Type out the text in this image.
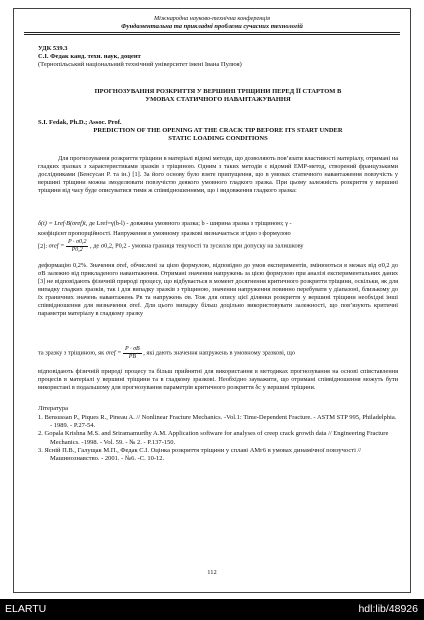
Міжнародна науково-технічна конференція
Фундаментальна та прикладні проблеми сучасних технологій
УДК 539.3
С.І. Федак канд. техн. наук, доцент
(Тернопільський національний технічний університет імені Івана Пулюя)
ПРОГНОЗУВАННЯ РОЗКРИТТЯ У ВЕРШИНІ ТРІЩИНИ ПЕРЕД ЇЇ СТАРТОМ В
УМОВАХ СТАТИЧНОГО НАВАНТАЖУВАННЯ
S.I. Fedak, Ph.D.; Assoc. Prof.
PREDICTION OF THE OPENING AT THE CRACK TIP BEFORE ITS START UNDER
STATIC LOADING CONDITIONS
Для прогнозування розкриття тріщини в матеріалі відомі методи, що дозволяють пов’язати властивості матеріалу, отримані на гладких зразках з характеристиками зразків з тріщиною. Одним з таких методів є відомий ЕМР-метод, створений французькими дослідниками (Бенсусан Р. та ін.) [1]. За його основу було взяте припущення, що в умовах статичного навантаження повзучість у вершині тріщини можна змоделювати повзучістю деякого умовного гладкого зразка. При цьому залежність розкриття у вершині тріщини від часу буде описуватися тими ж співвідношеннями, що і видовження гладкого зразка:
δ(t) = Lref·B(σref)t, де Lref=γ(b-l) - довжина умовного зразка; b - ширина зразка з тріщиною; γ -
коефіцієнт пропорційності. Напруження в умовному зразкові визначається згідно з формулою
[2]: $\sigma ref = \frac{P \cdot \sigma 0,2}{P0,2}$ , де σ0,2, P0,2 - умовна границя текучості та зусилля при допуску на залишкову
деформацію 0,2%. Значення σref, обчислені за цією формулою, відповідно до умов експериментів, змінюються в межах від σ0,2 до σB залежно від прикладеного навантаження. Отримані значення напружень за цією формулою при аналізі експериментальних даних [3] не відповідають фізичній природі процесу, що відбувається в момент досягнення критичного розкриття тріщини, оскільки, як для випадку гладких зразків, так і для випадку зразків з тріщиною, значення напруження повинно перебувати у діапазоні, близькому до їх граничних значень навантажень Pв та напружень σв. Тож для опису цієї ділянки розкриття у вершині тріщини необхідні інші співвідношення для визначення σref. Для цього випадку більш доцільно використовувати залежності, що пов’язують критичні параметри матеріалу в гладкому зразку
та зразку з тріщиною, як $\sigma ref = \frac{P \cdot \sigma B}{PB}$ , які дають значення напружень в умовному зразкові, що
відповідають фізичній природі процесу та більш прийнятні для використання в методиках прогнозування на основі співставлення процесів в матеріалі у вершині тріщини та в гладкому зразкові. Необхідно зауважити, що отримані співвідношення можуть бути використані в подальшому для прогнозування параметрів критичного розкриття δc у вершині тріщини.
Література
1. Bensussan P., Piques R., Pineau A. // Nonlinear Fracture Mechanics. -Vol.1: Time-Dependent Fracture. - ASTM STP 995, Philadelphia. - 1989. - P.27-54.
2. Gopala Krishna M.S. and Sriramamurthy A.M. Application software for analyses of creep crack growth data // Engineering Fracture Mechanics. -1998. - Vol. 59. - № 2. - P.137-150.
3. Ясній П.В., Галущак М.П., Федак С.І. Оцінка розкриття тріщини у сплаві АМг6 в умовах динамічної повзучості // Машинознавство. - 2001. - №6. -С. 10-12.
112
ELARTU	hdl:lib/48926
